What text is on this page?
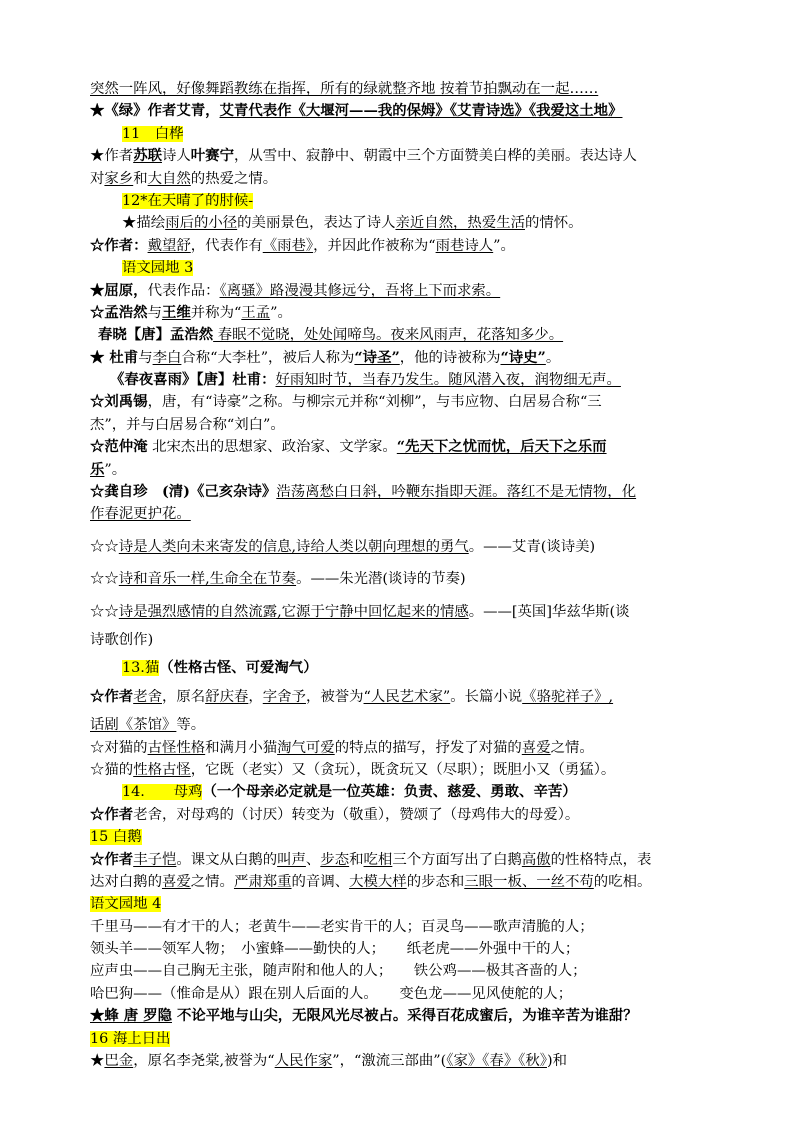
突然一阵风，好像舞蹈教练在指挥，所有的绿就整齐地 按着节拍飘动在一起……
★《绿》作者艾青，艾青代表作《大堰河——我的保姆》《艾青诗选》《我爱这土地》
11　白桦
★作者苏联诗人叶赛宁，从雪中、寂静中、朝霞中三个方面赞美白桦的美丽。表达诗人
对家乡和大自然的热爱之情。
12*在天晴了的肘候-
★描绘雨后的小径的美丽景色，表达了诗人亲近自然，热爱生活的情怀。
☆作者：戴望舒，代表作有《雨巷》，并因此作被称为“雨巷诗人”。
语文园地 3
★屈原，代表作品：《离骚》路漫漫其修远兮，吾将上下而求索。
☆孟浩然与王维并称为“王孟”。
春晓【唐】孟浩然 春眠不觉晓，处处闻啼鸟。夜来风雨声，花落知多少。
★ 杜甫与李白合称“大李杜”，被后人称为“诗圣”，他的诗被称为“诗史”。
《春夜喜雨》【唐】杜甫：好雨知时节，当春乃发生。随风潜入夜，润物细无声。
☆刘禹锡，唐，有“诗豪”之称。与柳宗元并称“刘柳”，与韦应物、白居易合称“三
杰”，并与白居易合称“刘白”。
☆范仲淹 北宋杰出的思想家、政治家、文学家。“先天下之忧而忧，后天下之乐而
乐”。
☆龚自珍　(清)《己亥杂诗》浩荡离愁白日斜，吟鞭东指即天涯。落红不是无情物，化
作春泥更护花。
☆☆诗是人类向未来寄发的信息,诗给人类以朝向理想的勇气。——艾青(谈诗美)
☆☆诗和音乐一样,生命全在节奏。——朱光潜(谈诗的节奏)
☆☆诗是强烈感情的自然流露,它源于宁静中回忆起来的情感。——[英国]华兹华斯(谈
诗歌创作)
13.猫（性格古怪、可爱淘气）
☆作者老舍，原名舒庆春，字舍予，被誉为“人民艺术家”。长篇小说《骆驼祥子》,
话剧《茶馆》等。
☆对猫的古怪性格和满月小猫淘气可爱的特点的描写，抒发了对猫的喜爱之情。
☆猫的性格古怪，它既（老实）又（贪玩），既贪玩又（尽职）；既胆小又（勇猛）。
14.　　母鸡（一个母亲必定就是一位英雄：负责、慈爱、勇敢、辛苦）
☆作者老舍，对母鸡的（讨厌）转变为（敬重），赞颂了（母鸡伟大的母爱）。
15 白鹅
☆作者丰子恺。课文从白鹅的叫声、步态和吃相三个方面写出了白鹅高傲的性格特点，表
达对白鹅的喜爱之情。严肃郑重的音调、大模大样的步态和三眼一板、一丝不苟的吃相。
语文园地 4
千里马——有才干的人；老黄牛——老实肯干的人；百灵鸟——歌声清脆的人；
领头羊——领军人物；　小蜜蜂——勤快的人；　　纸老虎——外强中干的人；
应声虫——自己胸无主张，随声附和他人的人；　　铁公鸡——极其吝啬的人；
哈巴狗——（惟命是从）跟在别人后面的人。　　变色龙——见风使舵的人；
★蜂 唐 罗隐 不论平地与山尖，无限风光尽被占。采得百花成蜜后，为谁辛苦为谁甜？
16 海上日出
★巴金，原名李尧棠,被誉为“人民作家”，“激流三部曲”(《家》《春》《秋》)和
